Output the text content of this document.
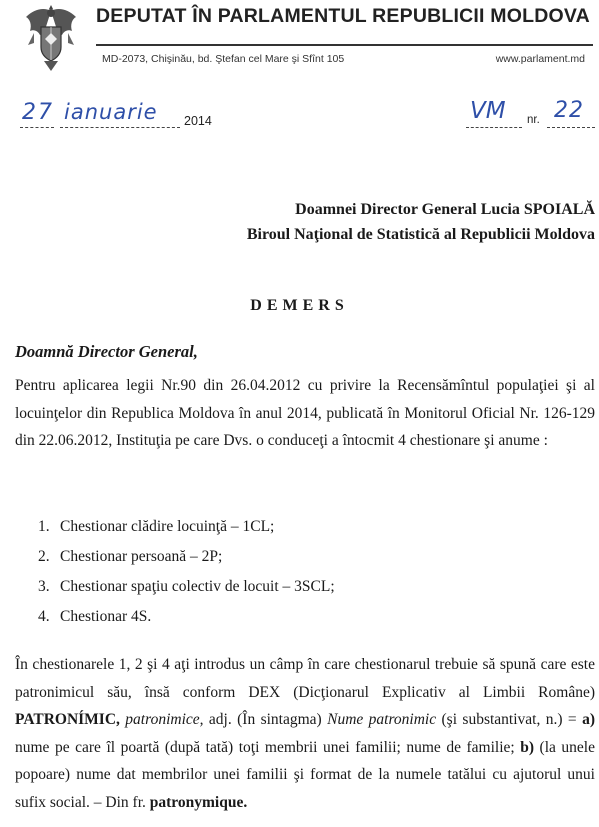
DEPUTAT ÎN PARLAMENTUL REPUBLICII MOLDOVA
MD-2073, Chişinău, bd. Ştefan cel Mare şi Sfînt 105	www.parlament.md
27 ianuarie 2014	VM nr. 22
Doamnei Director General Lucia SPOIALĂ
Biroul Naţional de Statistică al Republicii Moldova
DEMERS
Doamnă Director General,
Pentru aplicarea legii Nr.90 din 26.04.2012 cu privire la Recensămîntul populaţiei şi al locuinţelor din Republica Moldova în anul 2014, publicată în Monitorul Oficial Nr. 126-129 din 22.06.2012, Instituţia pe care Dvs. o conduceţi a întocmit 4 chestionare şi anume :
1. Chestionar clădire locuinţă – 1CL;
2. Chestionar persoană – 2P;
3. Chestionar spaţiu colectiv de locuit – 3SCL;
4. Chestionar 4S.
În chestionarele 1, 2 şi 4 aţi introdus un câmp în care chestionarul trebuie să spună care este patronimicul său, însă conform DEX (Dicţionarul Explicativ al Limbii Române) PATRONÍMIC, patronimice, adj. (În sintagma) Nume patronimic (şi substantivat, n.) = a) nume pe care îl poartă (după tată) toţi membrii unei familii; nume de familie; b) (la unele popoare) nume dat membrilor unei familii şi format de la numele tatălui cu ajutorul unui sufix social. – Din fr. patronymique.
